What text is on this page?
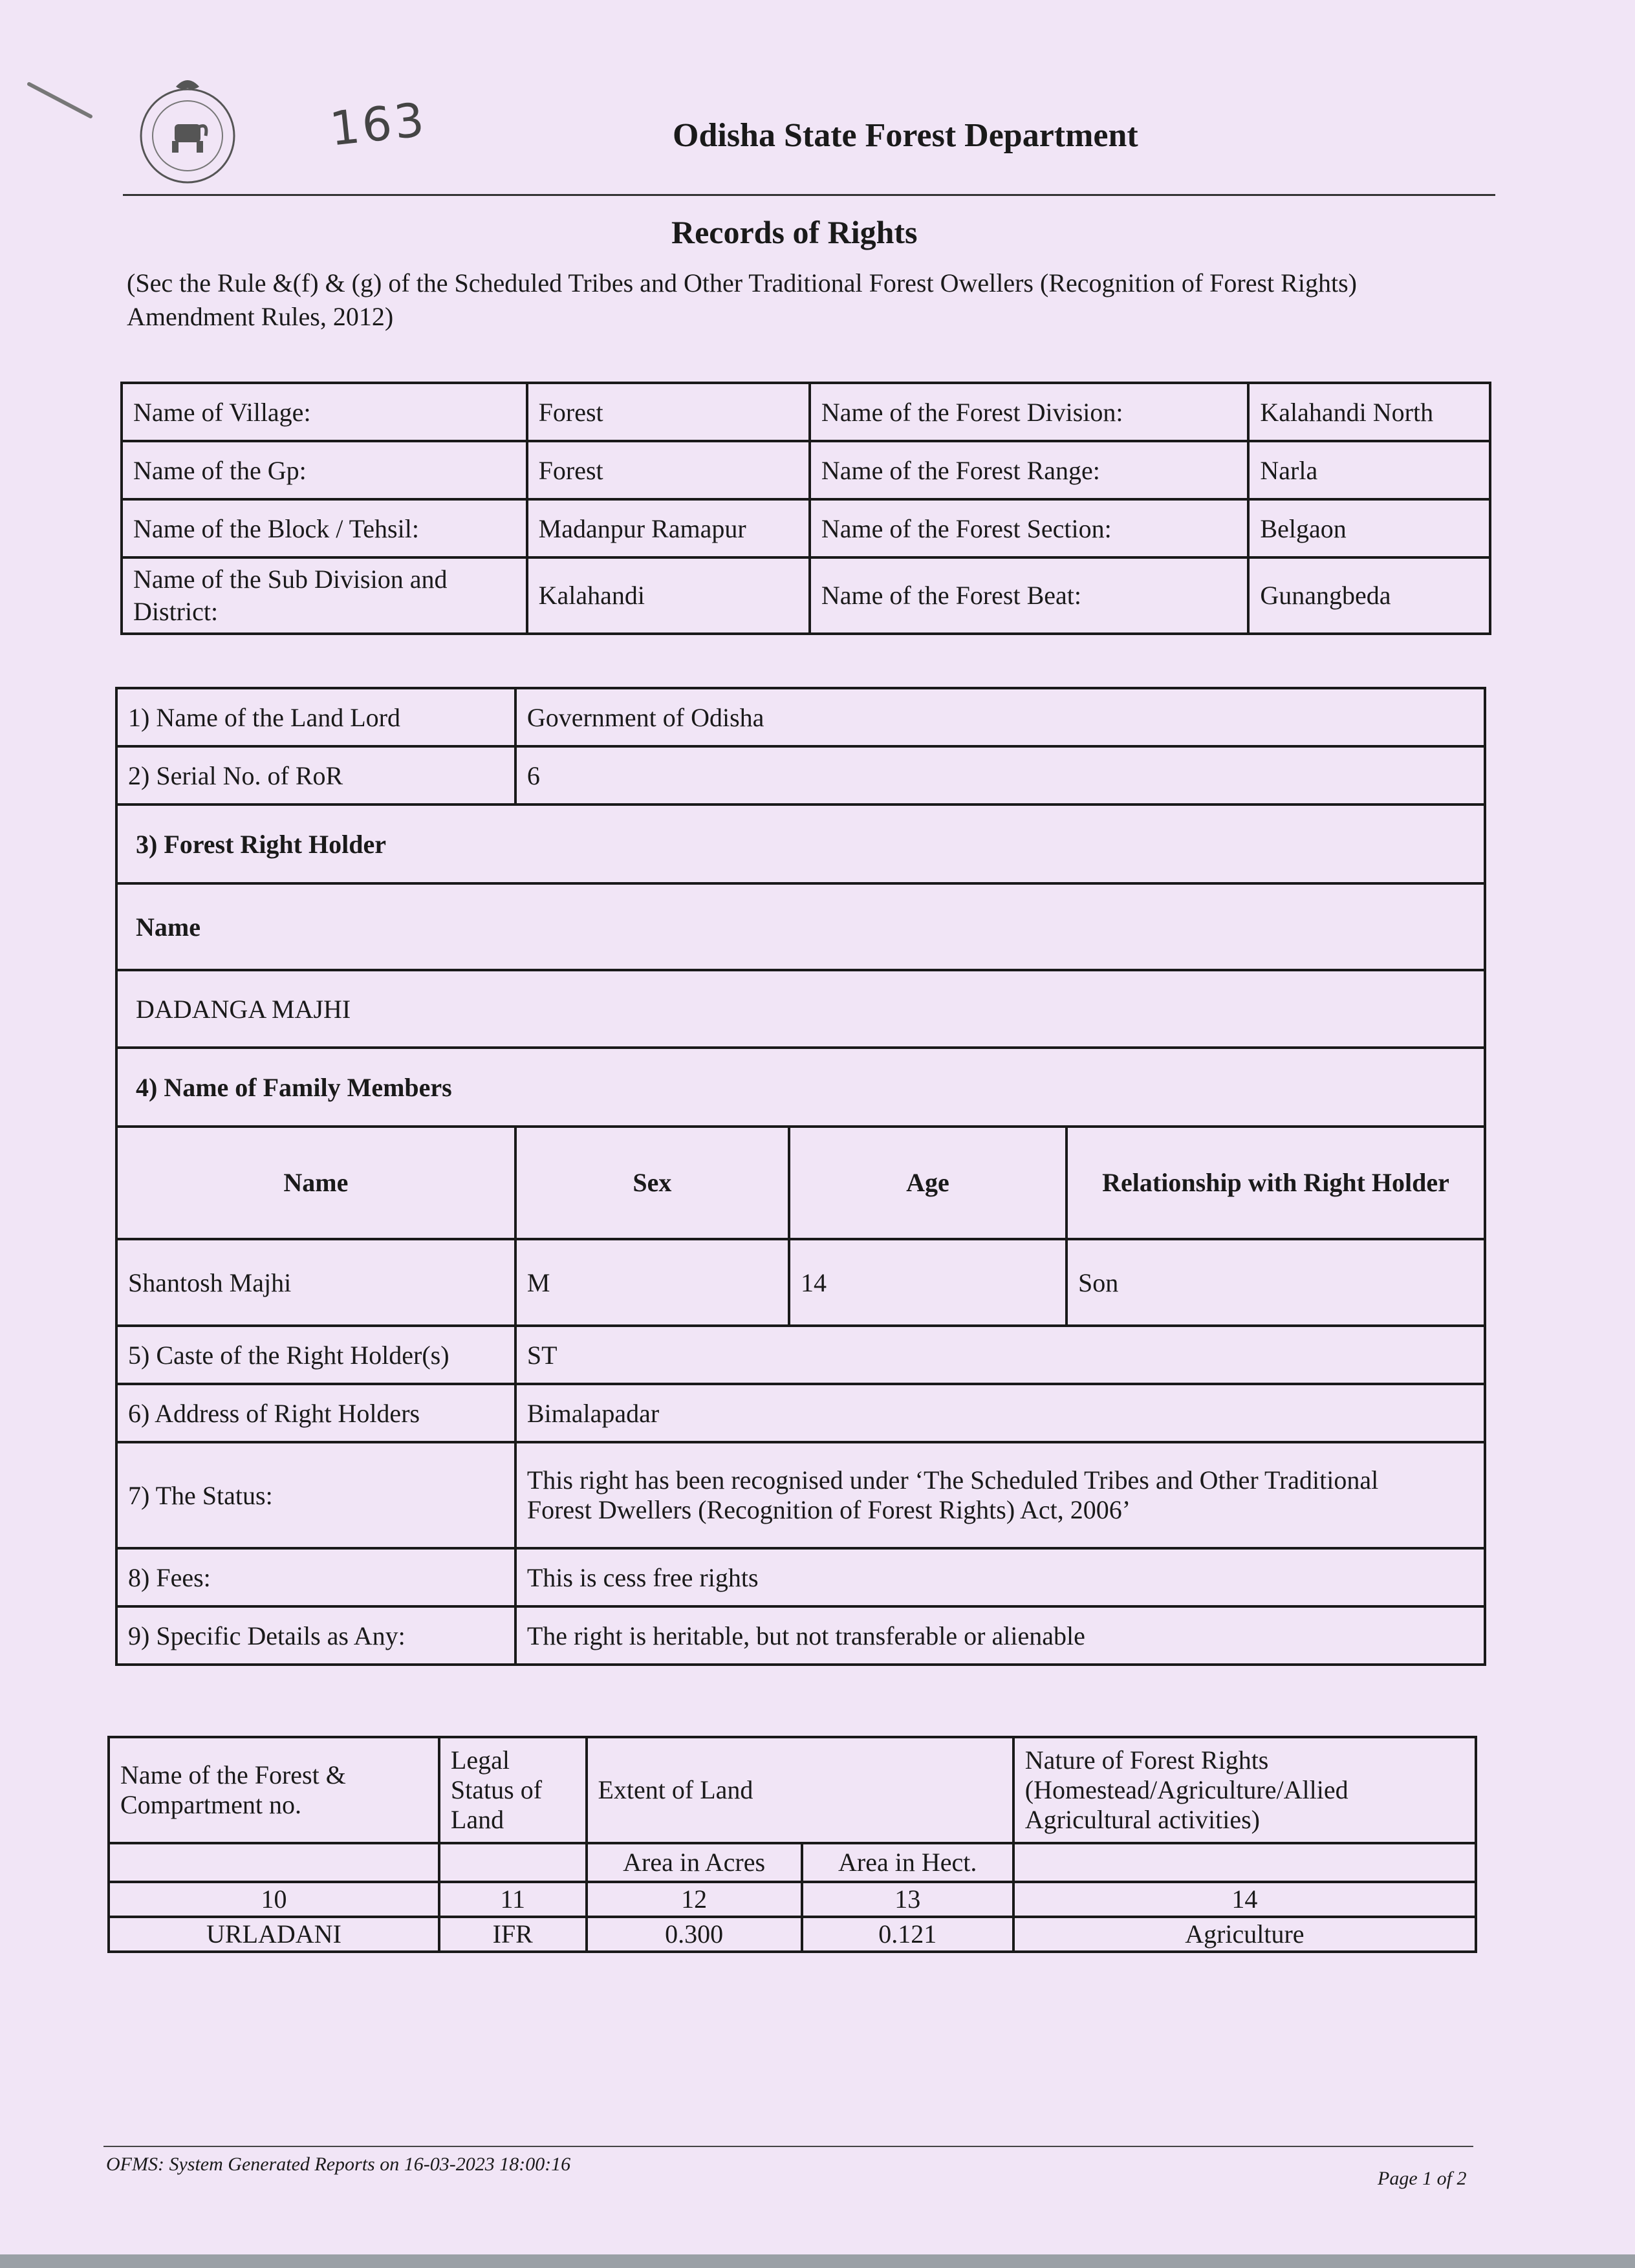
163	Odisha State Forest Department
Records of Rights
(Sec the Rule &(f) & (g) of the Scheduled Tribes and Other Traditional Forest Owellers (Recognition of Forest Rights) Amendment Rules, 2012)
Name of Village:	Forest	Name of the Forest Division:	Kalahandi North
Name of the Gp:	Forest	Name of the Forest Range:	Narla
Name of the Block / Tehsil:	Madanpur Ramapur	Name of the Forest Section:	Belgaon
Name of the Sub Division and District:	Kalahandi	Name of the Forest Beat:	Gunangbeda
1) Name of the Land Lord	Government of Odisha		
2) Serial No. of RoR	6		
3) Forest Right Holder			
Name			
DADANGA MAJHI			
4) Name of Family Members			
Name	Sex	Age	Relationship with Right Holder
Shantosh Majhi	M	14	Son
5) Caste of the Right Holder(s)	ST		
6) Address of Right Holders	Bimalapadar		
7) The Status:	This right has been recognised under ‘The Scheduled Tribes and Other Traditional
Forest Dwellers (Recognition of Forest Rights) Act, 2006’		

8) Fees:	This is cess free rights		
9) Specific Details as Any:	The right is heritable, but not transferable or alienable		
Name of the Forest & Compartment no.	Legal Status of Land	Extent of Land		Nature of Forest Rights (Homestead/Agriculture/Allied Agricultural activities)
		Area in Acres	Area in Hect.	
10	11	12	13	14
URLADANI	IFR	0.300	0.121	Agriculture
OFMS: System Generated Reports on 16-03-2023 18:00:16
Page 1 of 2
